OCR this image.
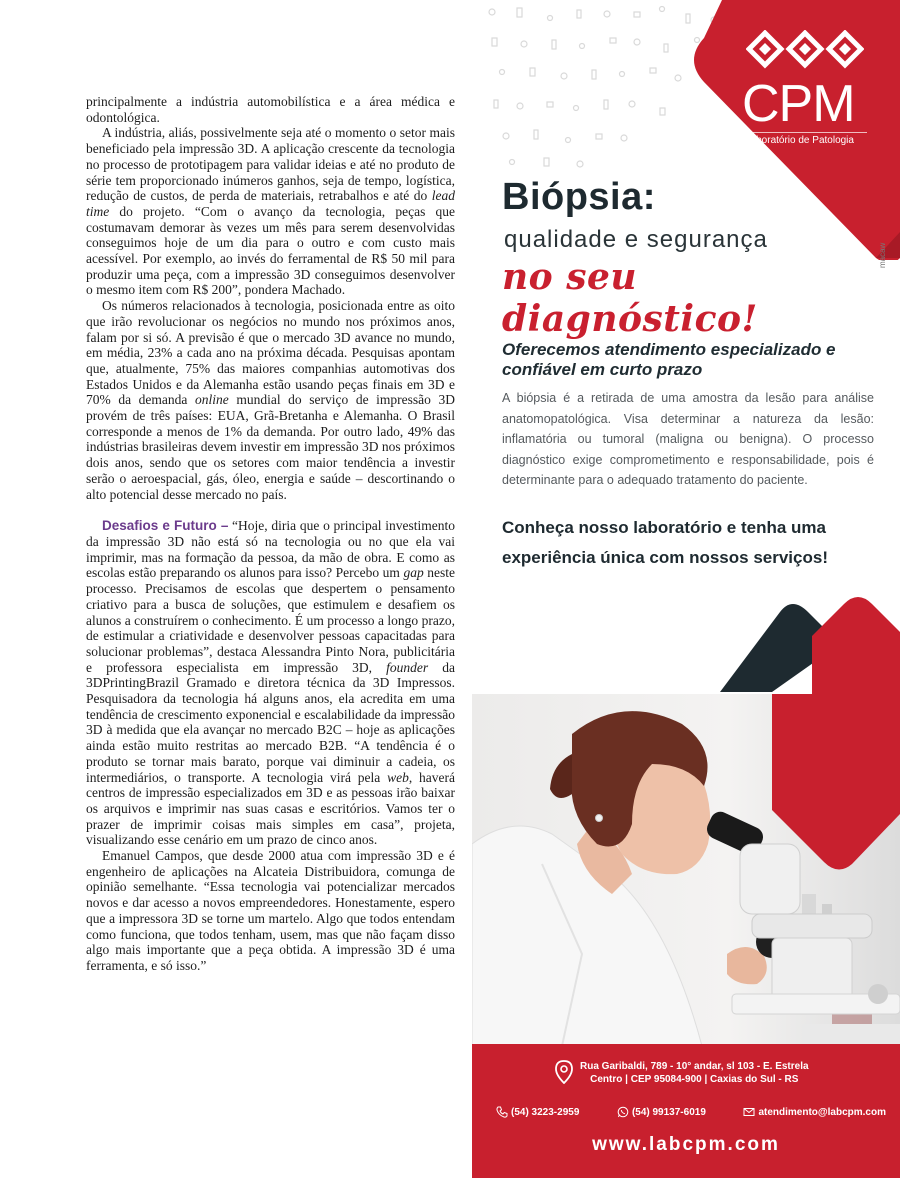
principalmente a indústria automobilística e a área médica e odontológica.

A indústria, aliás, possivelmente seja até o momento o setor mais beneficiado pela impressão 3D. A aplicação crescente da tecnologia no processo de prototipagem para validar ideias e até no produto de série tem proporcionado inúmeros ganhos, seja de tempo, logística, redução de custos, de perda de materiais, retrabalhos e até do lead time do projeto. “Com o avanço da tecnologia, peças que costumavam demorar às vezes um mês para serem desenvolvidas conseguimos hoje de um dia para o outro e com custo mais acessível. Por exemplo, ao invés do ferramental de R$ 50 mil para produzir uma peça, com a impressão 3D conseguimos desenvolver o mesmo item com R$ 200”, pondera Machado.

Os números relacionados à tecnologia, posicionada entre as oito que irão revolucionar os negócios no mundo nos próximos anos, falam por si só. A previsão é que o mercado 3D avance no mundo, em média, 23% a cada ano na próxima década. Pesquisas apontam que, atualmente, 75% das maiores companhias automotivas dos Estados Unidos e da Alemanha estão usando peças finais em 3D e 70% da demanda online mundial do serviço de impressão 3D provém de três países: EUA, Grã-Bretanha e Alemanha. O Brasil corresponde a menos de 1% da demanda. Por outro lado, 49% das indústrias brasileiras devem investir em impressão 3D nos próximos dois anos, sendo que os setores com maior tendência a investir serão o aeroespacial, gás, óleo, energia e saúde – descortinando o alto potencial desse mercado no país.

Desafios e Futuro – “Hoje, diria que o principal investimento da impressão 3D não está só na tecnologia ou no que ela vai imprimir, mas na formação da pessoa, da mão de obra. E como as escolas estão preparando os alunos para isso? Percebo um gap neste processo. Precisamos de escolas que despertem o pensamento criativo para a busca de soluções, que estimulem e desafiem os alunos a construírem o conhecimento. É um processo a longo prazo, de estimular a criatividade e desenvolver pessoas capacitadas para solucionar problemas”, destaca Alessandra Pinto Nora, publicitária e professora especialista em impressão 3D, founder da 3DPrintingBrazil Gramado e diretora técnica da 3D Impressos. Pesquisadora da tecnologia há alguns anos, ela acredita em uma tendência de crescimento exponencial e escalabilidade da impressão 3D à medida que ela avançar no mercado B2C – hoje as aplicações ainda estão muito restritas ao mercado B2B. “A tendência é o produto se tornar mais barato, porque vai diminuir a cadeia, os intermediários, o transporte. A tecnologia virá pela web, haverá centros de impressão especializados em 3D e as pessoas irão baixar os arquivos e imprimir nas suas casas e escritórios. Vamos ter o prazer de imprimir coisas mais simples em casa”, projeta, visualizando esse cenário em um prazo de cinco anos.

Emanuel Campos, que desde 2000 atua com impressão 3D e é engenheiro de aplicações na Alcateia Distribuidora, comunga de opinião semelhante. “Essa tecnologia vai potencializar mercados novos e dar acesso a novos empreendedores. Honestamente, espero que a impressora 3D se torne um martelo. Algo que todos entendam como funciona, que todos tenham, usem, mas que não façam disso algo mais importante que a peça obtida. A impressão 3D é uma ferramenta, e só isso.”

CPM
Laboratório de Patologia
Biópsia:
qualidade e segurança
no seu diagnóstico!
macaw
Oferecemos atendimento especializado e confiável em curto prazo
A biópsia é a retirada de uma amostra da lesão para análise anatomopatológica. Visa determinar a natureza da lesão: inflamatória ou tumoral (maligna ou benigna). O processo diagnóstico exige comprometimento e responsabilidade, pois é determinante para o adequado tratamento do paciente.
Conheça nosso laboratório e tenha uma experiência única com nossos serviços!
Rua Garibaldi, 789 - 10° andar, sl 103 - E. Estrela
Centro | CEP 95084-900 | Caxias do Sul - RS
(54) 3223-2959	(54) 99137-6019	atendimento@labcpm.com
www.labcpm.com
